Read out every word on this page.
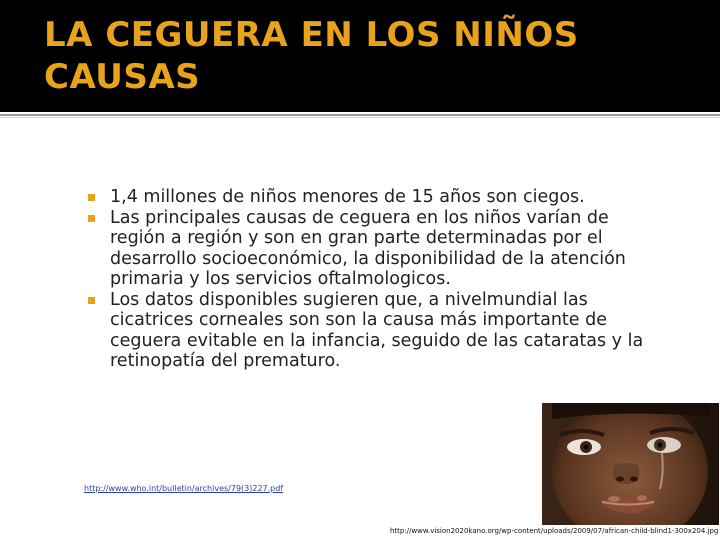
LA CEGUERA EN LOS NIÑOS
CAUSAS
1,4 millones de niños menores de 15 años son ciegos.
Las principales causas de ceguera en los niños varían de región a región y son en gran parte determinadas por el desarrollo socioeconómico, la disponibilidad de la atención primaria y los servicios oftalmologicos.
Los datos disponibles sugieren que, a nivelmundial las cicatrices corneales son son la causa más importante de ceguera evitable en la infancia, seguido de las cataratas y la retinopatía del prematuro.
http://www.who.int/bulletin/archives/79(3)227.pdf
http://www.vision2020kano.org/wp-content/uploads/2009/07/african-child-blind1-300x204.jpg
